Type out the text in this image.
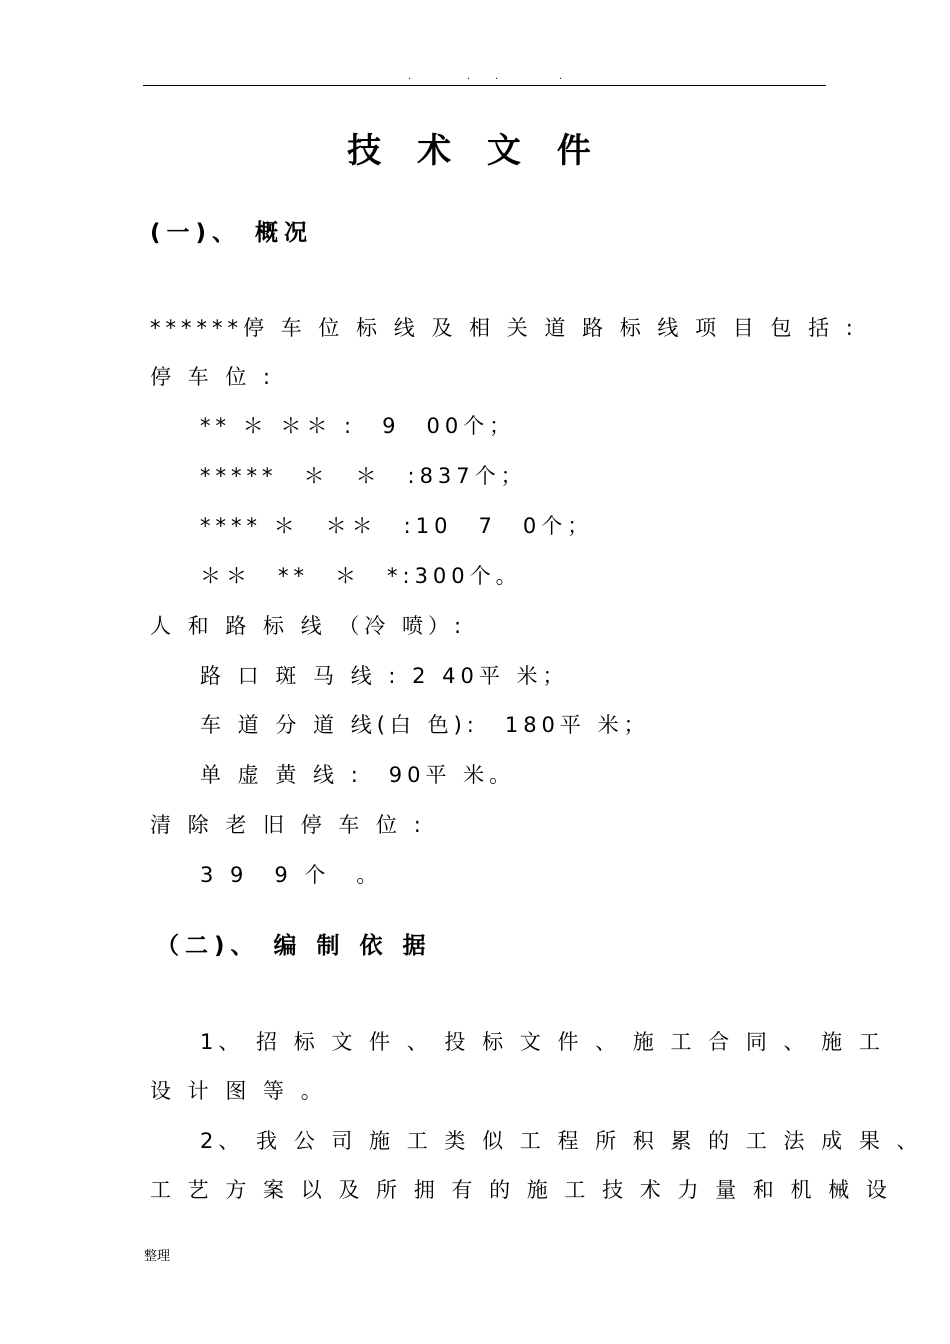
.	. .	.
技 术 文 件
(一)、 概况
******停 车 位 标 线 及 相 关 道 路 标 线 项 目 包 括 :
停 车 位 :
** ＊ ＊＊ :　9　00个；
*****　＊　＊　:837个；
**** ＊　＊＊　:10　7　0个；
＊＊　**　＊　*:300个。
人 和 路 标 线 （冷 喷）:
路 口 斑 马 线 : 2 40平 米；
车 道 分 道 线(白 色):　180平 米；
单 虚 黄 线 :　90平 米。
清 除 老 旧 停 车 位 :
3 9　9 个　。
（二)、 编 制 依 据
1、 招 标 文 件 、 投 标 文 件 、 施 工 合 同 、 施 工
设 计 图 等 。
2、 我 公 司 施 工 类 似 工 程 所 积 累 的 工 法 成 果 、
工 艺 方 案 以 及 所 拥 有 的 施 工 技 术 力 量 和 机 械 设
整理
